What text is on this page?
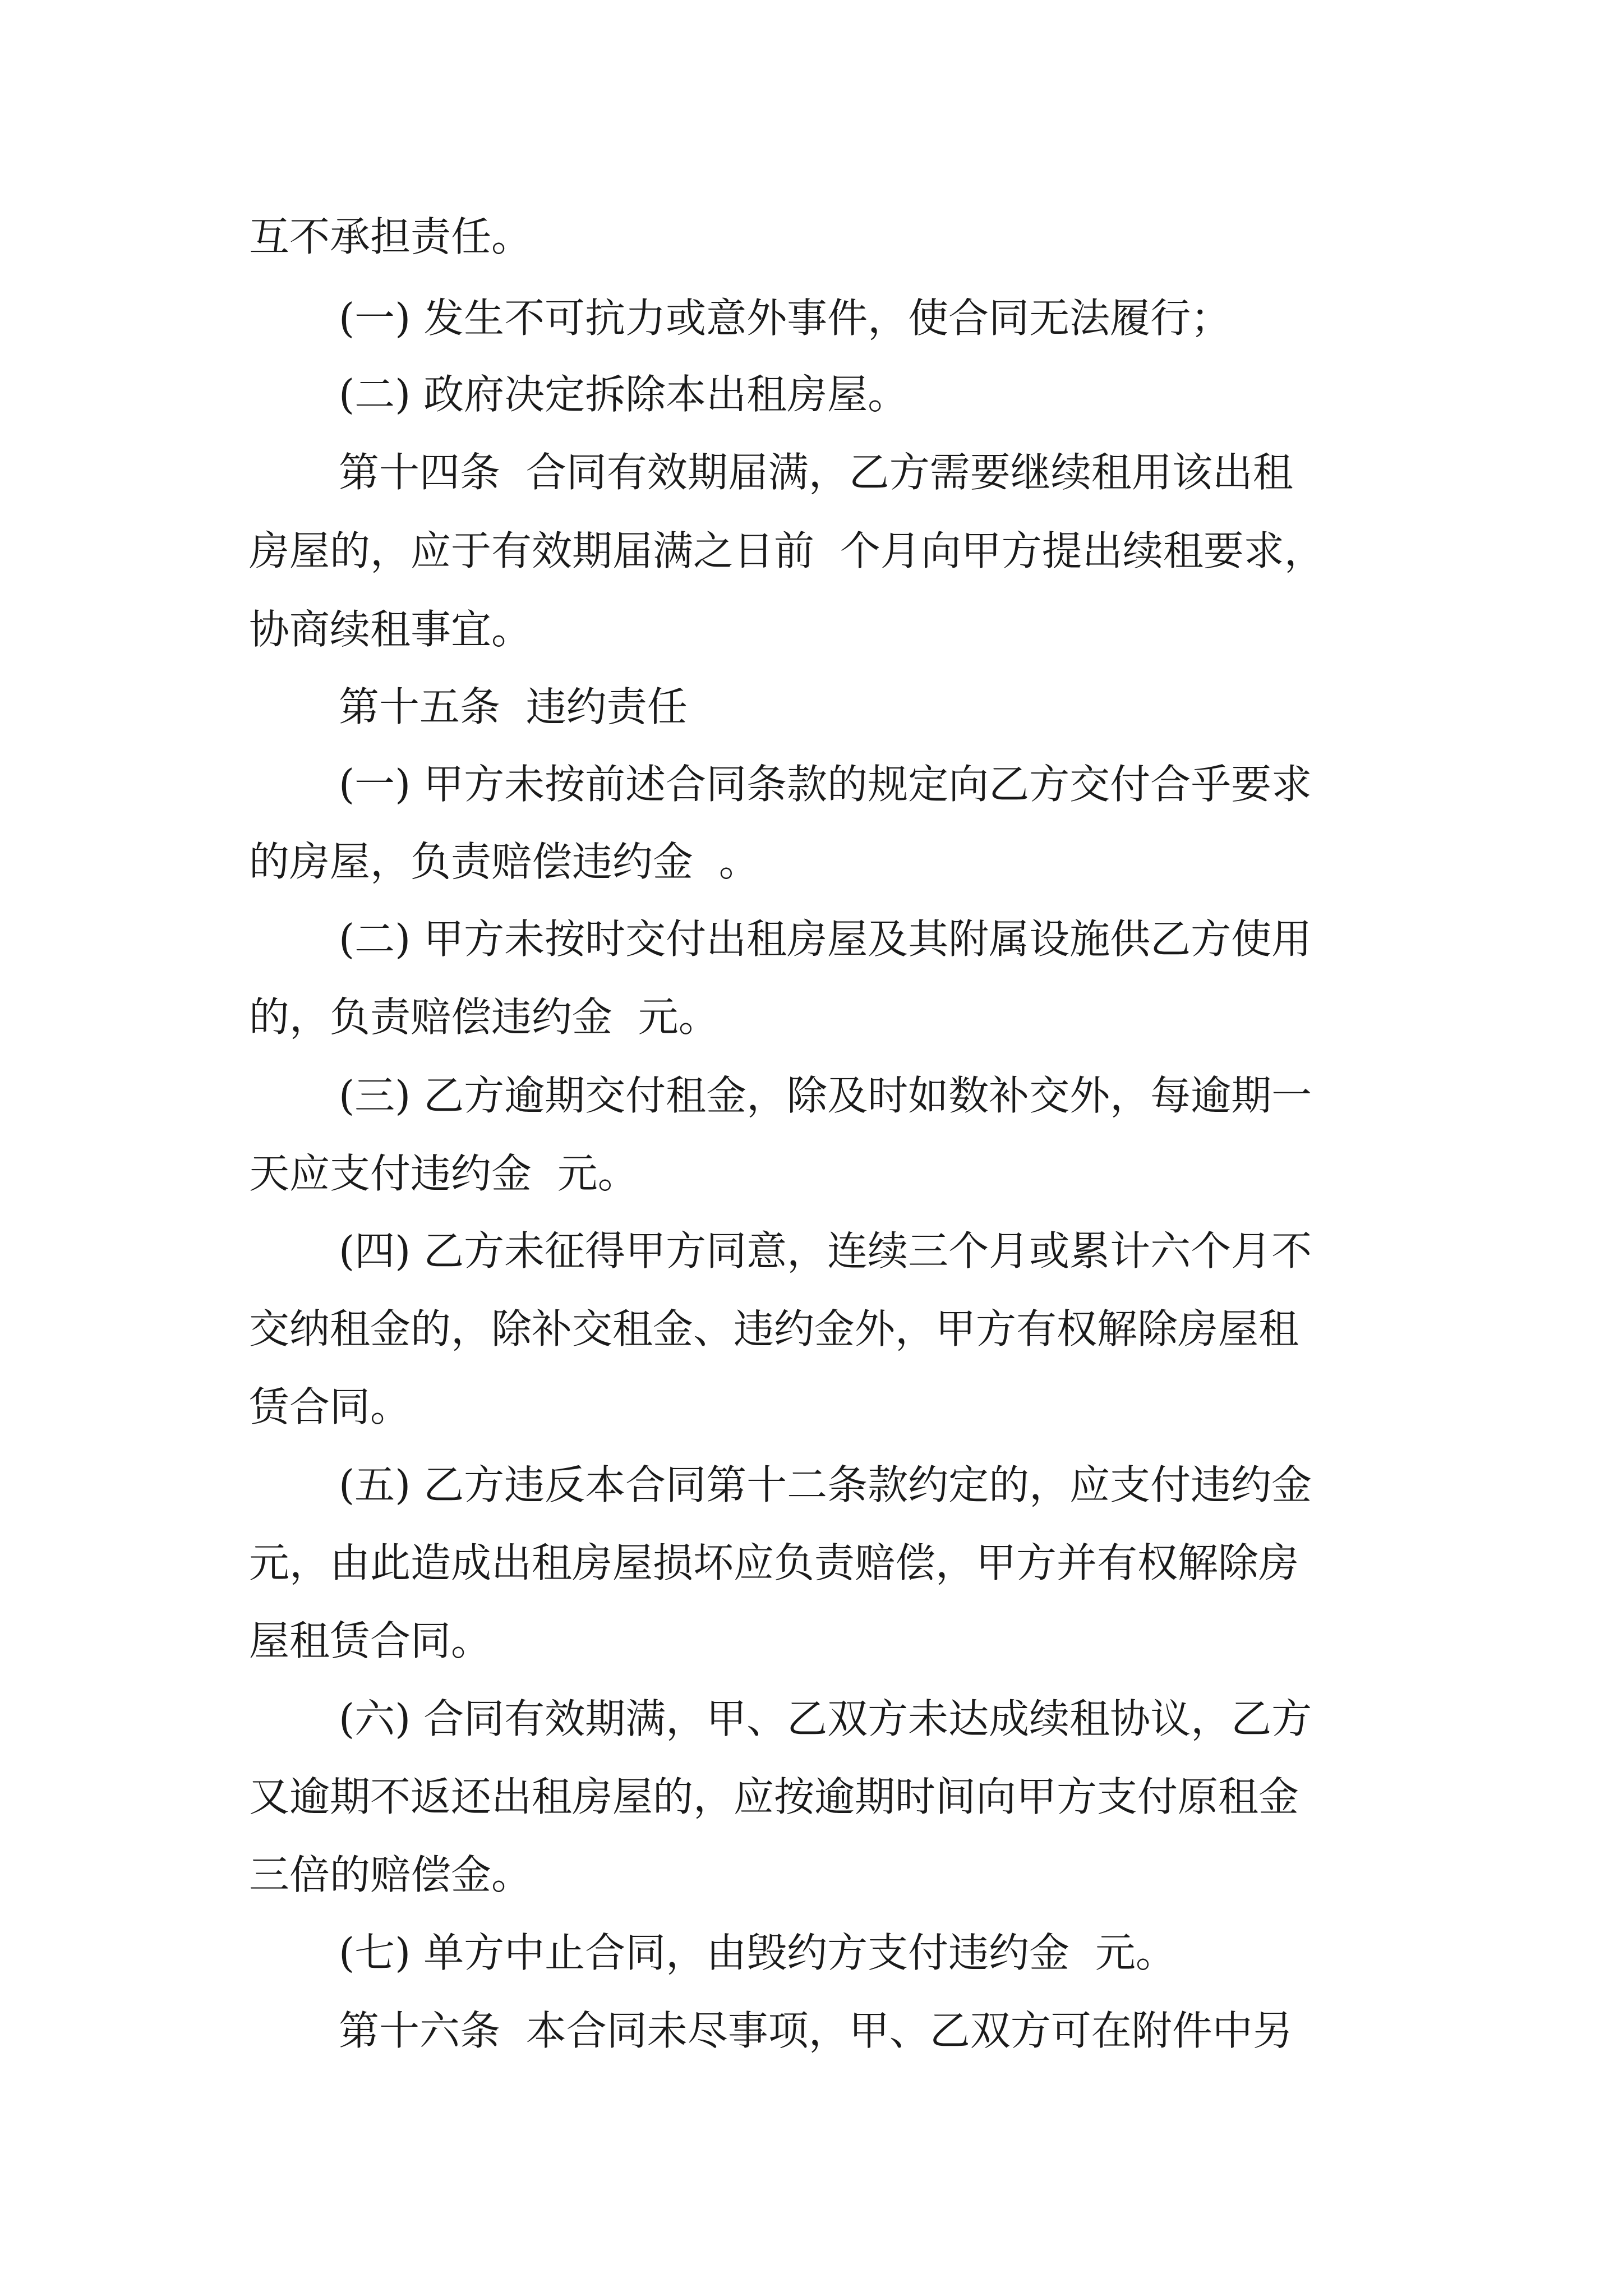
互不承担责任。
(一) 发生不可抗力或意外事件，使合同无法履行；
(二) 政府决定拆除本出租房屋。
第十四条  合同有效期届满，乙方需要继续租用该出租
房屋的，应于有效期届满之日前  个月向甲方提出续租要求，
协商续租事宜。
第十五条  违约责任
(一) 甲方未按前述合同条款的规定向乙方交付合乎要求
的房屋，负责赔偿违约金  。
(二) 甲方未按时交付出租房屋及其附属设施供乙方使用
的，负责赔偿违约金  元。
(三) 乙方逾期交付租金，除及时如数补交外，每逾期一
天应支付违约金  元。
(四) 乙方未征得甲方同意，连续三个月或累计六个月不
交纳租金的，除补交租金、违约金外，甲方有权解除房屋租
赁合同。
(五) 乙方违反本合同第十二条款约定的，应支付违约金
元，由此造成出租房屋损坏应负责赔偿，甲方并有权解除房
屋租赁合同。
(六) 合同有效期满，甲、乙双方未达成续租协议，乙方
又逾期不返还出租房屋的，应按逾期时间向甲方支付原租金
三倍的赔偿金。
(七) 单方中止合同，由毁约方支付违约金  元。
第十六条  本合同未尽事项，甲、乙双方可在附件中另
